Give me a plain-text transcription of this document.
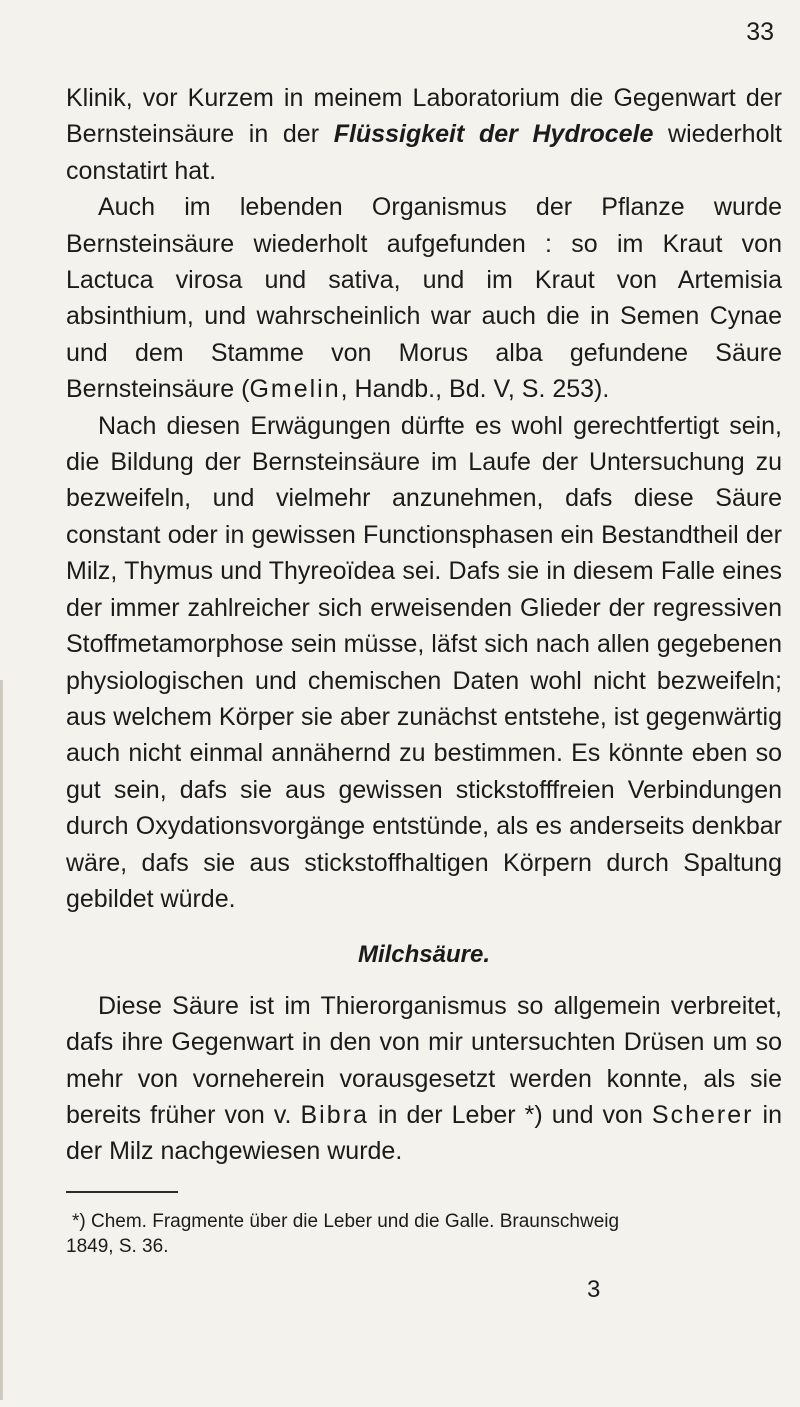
33

Klinik, vor Kurzem in meinem Laboratorium die Gegenwart der Bernsteinsäure in der Flüssigkeit der Hydrocele wiederholt constatirt hat.

Auch im lebenden Organismus der Pflanze wurde Bernsteinsäure wiederholt aufgefunden : so im Kraut von Lactuca virosa und sativa, und im Kraut von Artemisia absinthium, und wahrscheinlich war auch die in Semen Cynae und dem Stamme von Morus alba gefundene Säure Bernsteinsäure (Gmelin, Handb., Bd. V, S. 253).

Nach diesen Erwägungen dürfte es wohl gerechtfertigt sein, die Bildung der Bernsteinsäure im Laufe der Untersuchung zu bezweifeln, und vielmehr anzunehmen, dafs diese Säure constant oder in gewissen Functionsphasen ein Bestandtheil der Milz, Thymus und Thyreoïdea sei. Dafs sie in diesem Falle eines der immer zahlreicher sich erweisenden Glieder der regressiven Stoffmetamorphose sein müsse, läfst sich nach allen gegebenen physiologischen und chemischen Daten wohl nicht bezweifeln; aus welchem Körper sie aber zunächst entstehe, ist gegenwärtig auch nicht einmal annähernd zu bestimmen. Es könnte eben so gut sein, dafs sie aus gewissen stickstofffreien Verbindungen durch Oxydationsvorgänge entstünde, als es anderseits denkbar wäre, dafs sie aus stickstoffhaltigen Körpern durch Spaltung gebildet würde.

Milchsäure.

Diese Säure ist im Thierorganismus so allgemein verbreitet, dafs ihre Gegenwart in den von mir untersuchten Drüsen um so mehr von vorneherein vorausgesetzt werden konnte, als sie bereits früher von v. Bibra in der Leber *) und von Scherer in der Milz nachgewiesen wurde.

*) Chem. Fragmente über die Leber und die Galle. Braunschweig
1849, S. 36.
3
